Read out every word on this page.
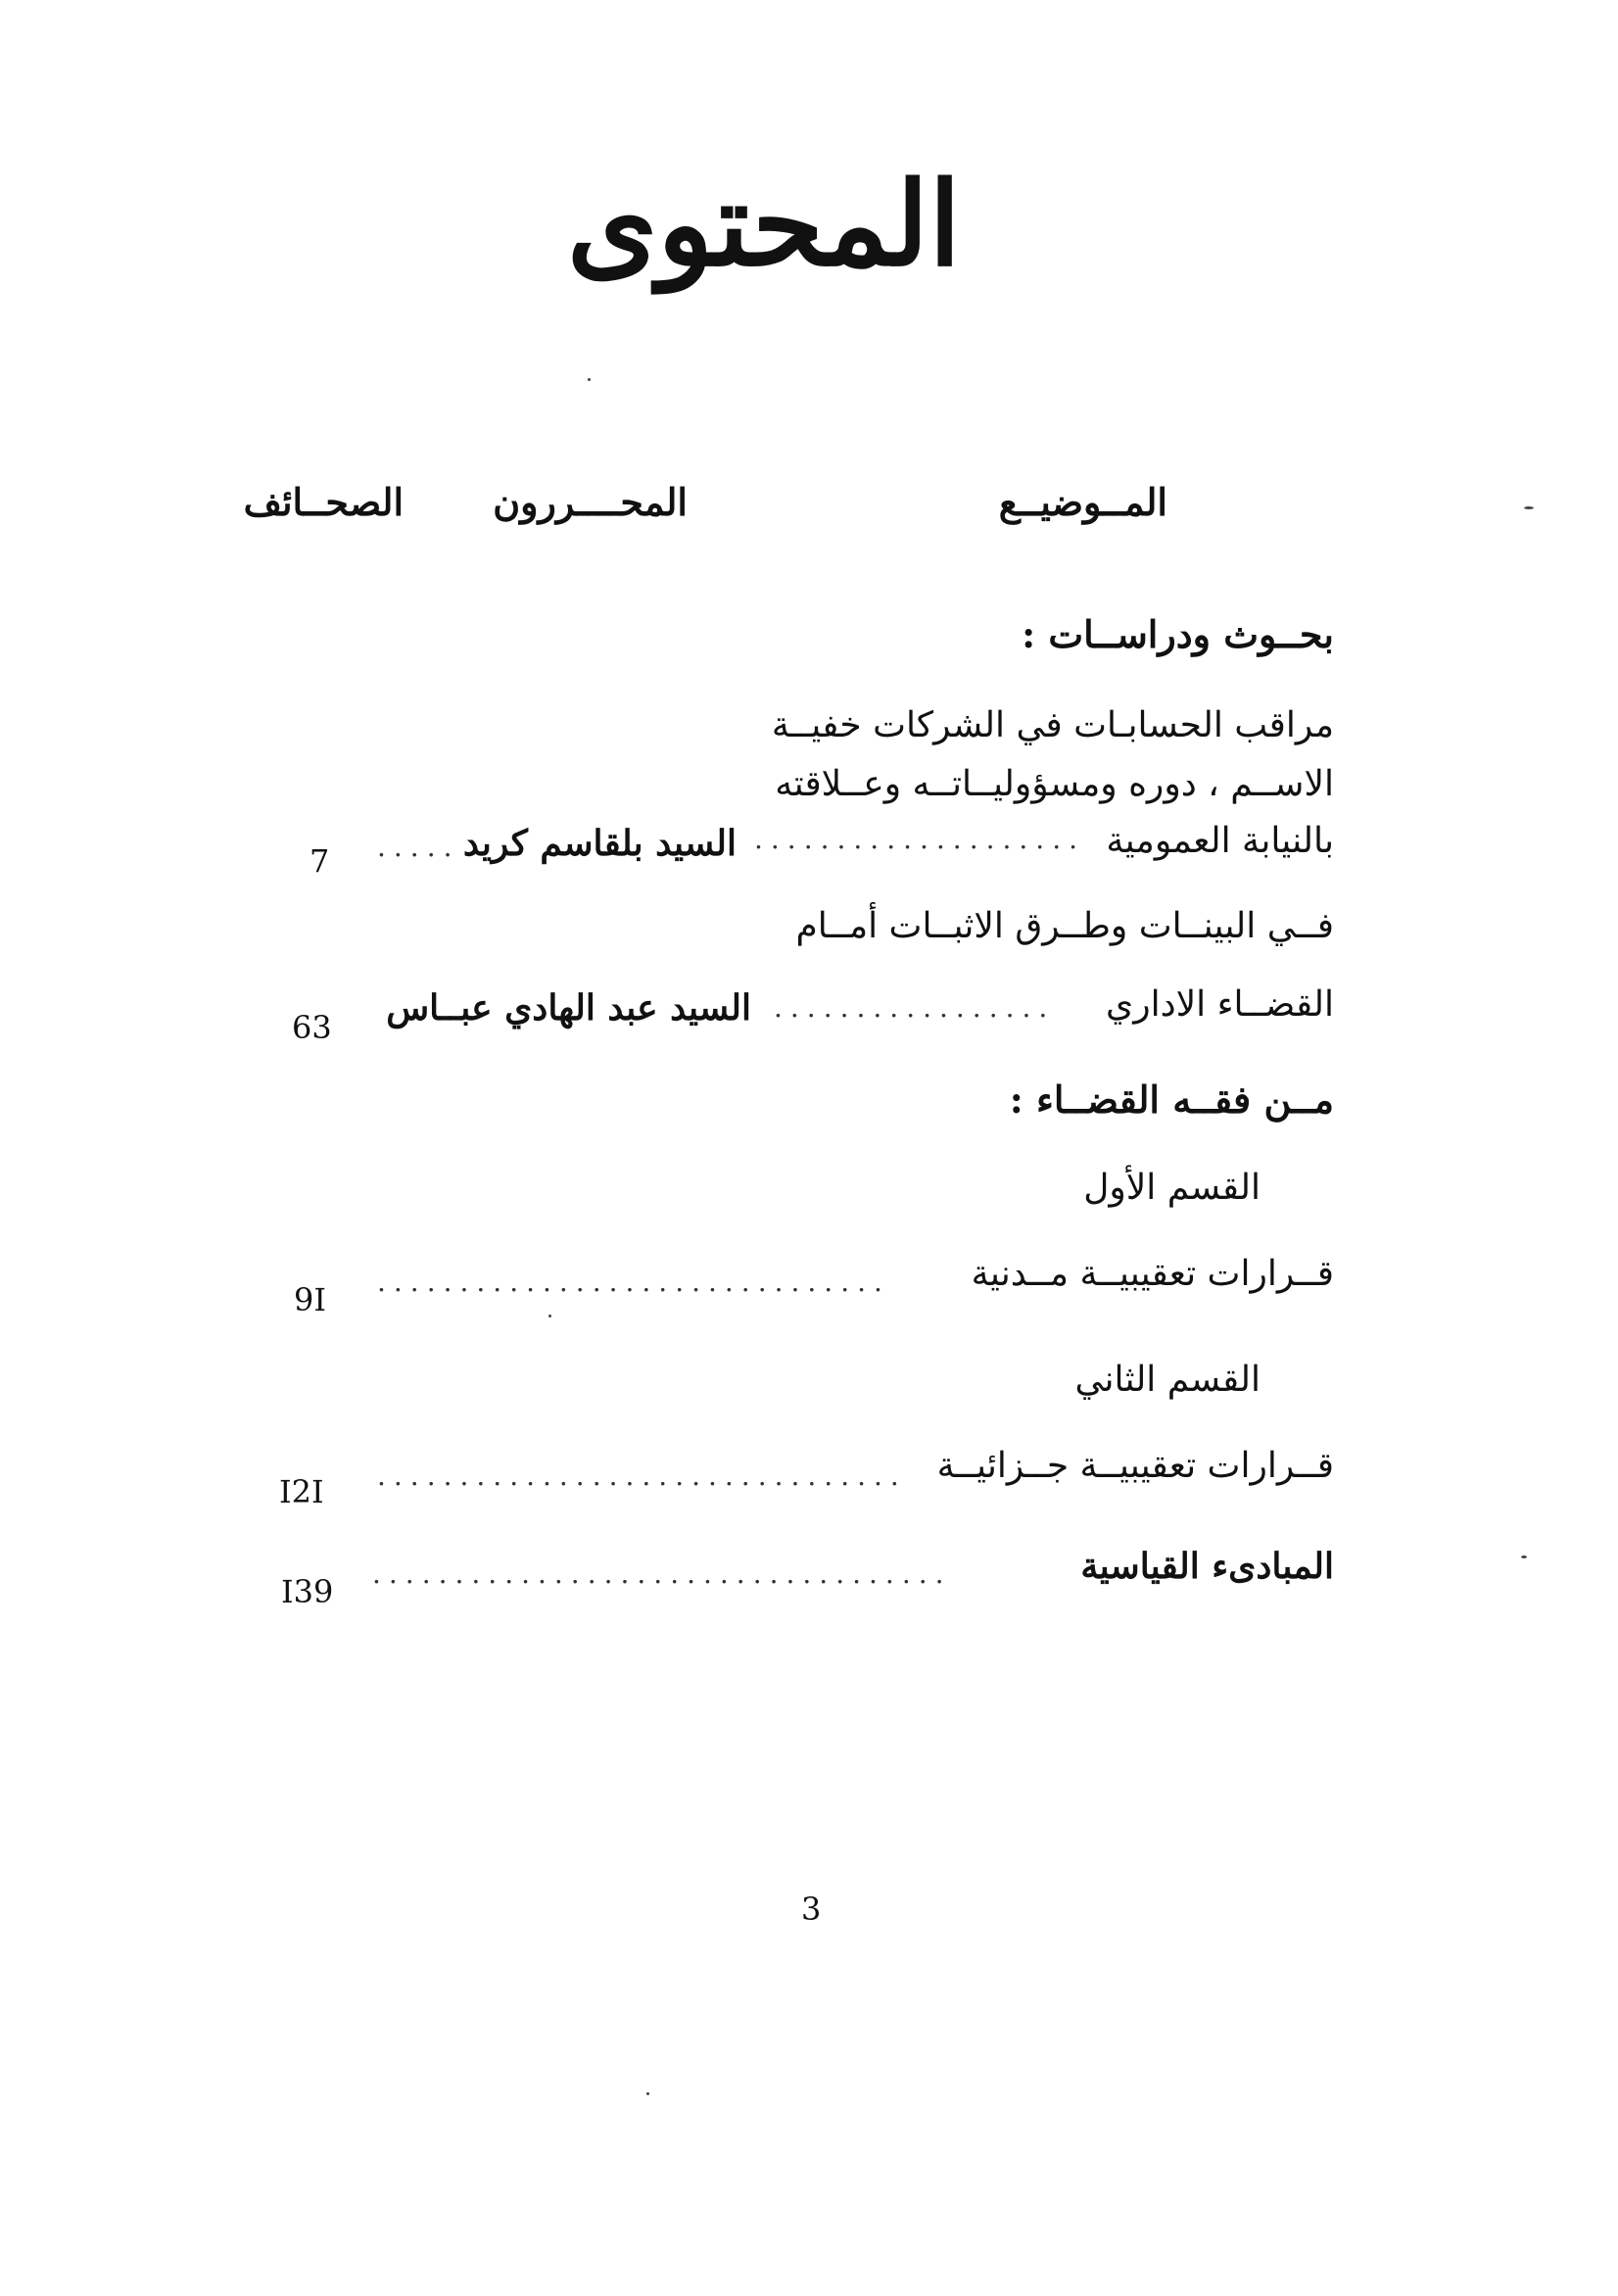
المحتوى
المــوضيــع
المحــــررون
الصحــائف
بحــوث ودراســات :
مراقب الحسابـات في الشركات خفيــة
الاســم ، دوره ومسؤوليــاتــه وعــلاقته
بالنيابة العمومية
....................
السيد بلقاسم كريد
.....
7
فــي البينــات وطــرق الاثبــات أمــام
القضــاء الاداري
.................
السيد عبد الهادي عبــاس
63
مــن فقــه القضــاء :
القسم الأول
قــرارات تعقيبيــة مــدنية
...............................
9I
القسم الثاني
قــرارات تعقيبيــة جــزائيــة
................................
I2I
المبادىء القياسية
...................................
I39
3
